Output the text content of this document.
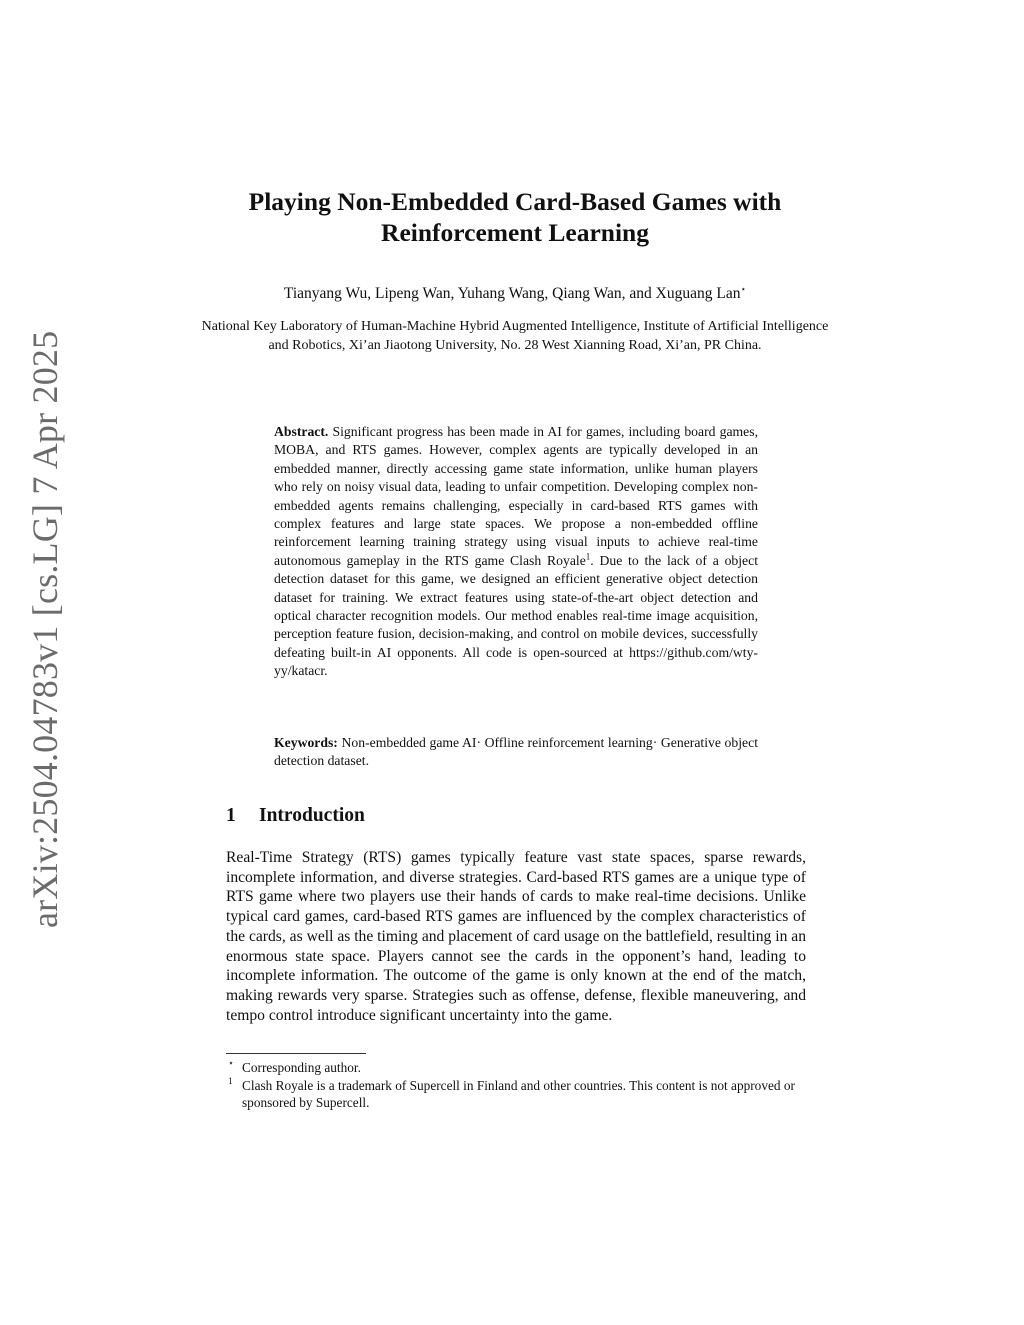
arXiv:2504.04783v1 [cs.LG] 7 Apr 2025
Playing Non-Embedded Card-Based Games with Reinforcement Learning
Tianyang Wu, Lipeng Wan, Yuhang Wang, Qiang Wan, and Xuguang Lan⋆
National Key Laboratory of Human-Machine Hybrid Augmented Intelligence, Institute of Artificial Intelligence and Robotics, Xi’an Jiaotong University, No. 28 West Xianning Road, Xi’an, PR China.
Abstract. Significant progress has been made in AI for games, including board games, MOBA, and RTS games. However, complex agents are typically developed in an embedded manner, directly accessing game state information, unlike human players who rely on noisy visual data, leading to unfair competition. Developing complex non-embedded agents remains challenging, especially in card-based RTS games with complex features and large state spaces. We propose a non-embedded offline reinforcement learning training strategy using visual inputs to achieve real-time autonomous gameplay in the RTS game Clash Royale$^1$. Due to the lack of a object detection dataset for this game, we designed an efficient generative object detection dataset for training. We extract features using state-of-the-art object detection and optical character recognition models. Our method enables real-time image acquisition, perception feature fusion, decision-making, and control on mobile devices, successfully defeating built-in AI opponents. All code is open-sourced at https://github.com/wty-yy/katacr.
Keywords: Non-embedded game AI· Offline reinforcement learning· Generative object detection dataset.
1 Introduction
Real-Time Strategy (RTS) games typically feature vast state spaces, sparse rewards, incomplete information, and diverse strategies. Card-based RTS games are a unique type of RTS game where two players use their hands of cards to make real-time decisions. Unlike typical card games, card-based RTS games are influenced by the complex characteristics of the cards, as well as the timing and placement of card usage on the battlefield, resulting in an enormous state space. Players cannot see the cards in the opponent’s hand, leading to incomplete information. The outcome of the game is only known at the end of the match, making rewards very sparse. Strategies such as offense, defense, flexible maneuvering, and tempo control introduce significant uncertainty into the game.
⋆ Corresponding author.
1 Clash Royale is a trademark of Supercell in Finland and other countries. This content is not approved or sponsored by Supercell.
